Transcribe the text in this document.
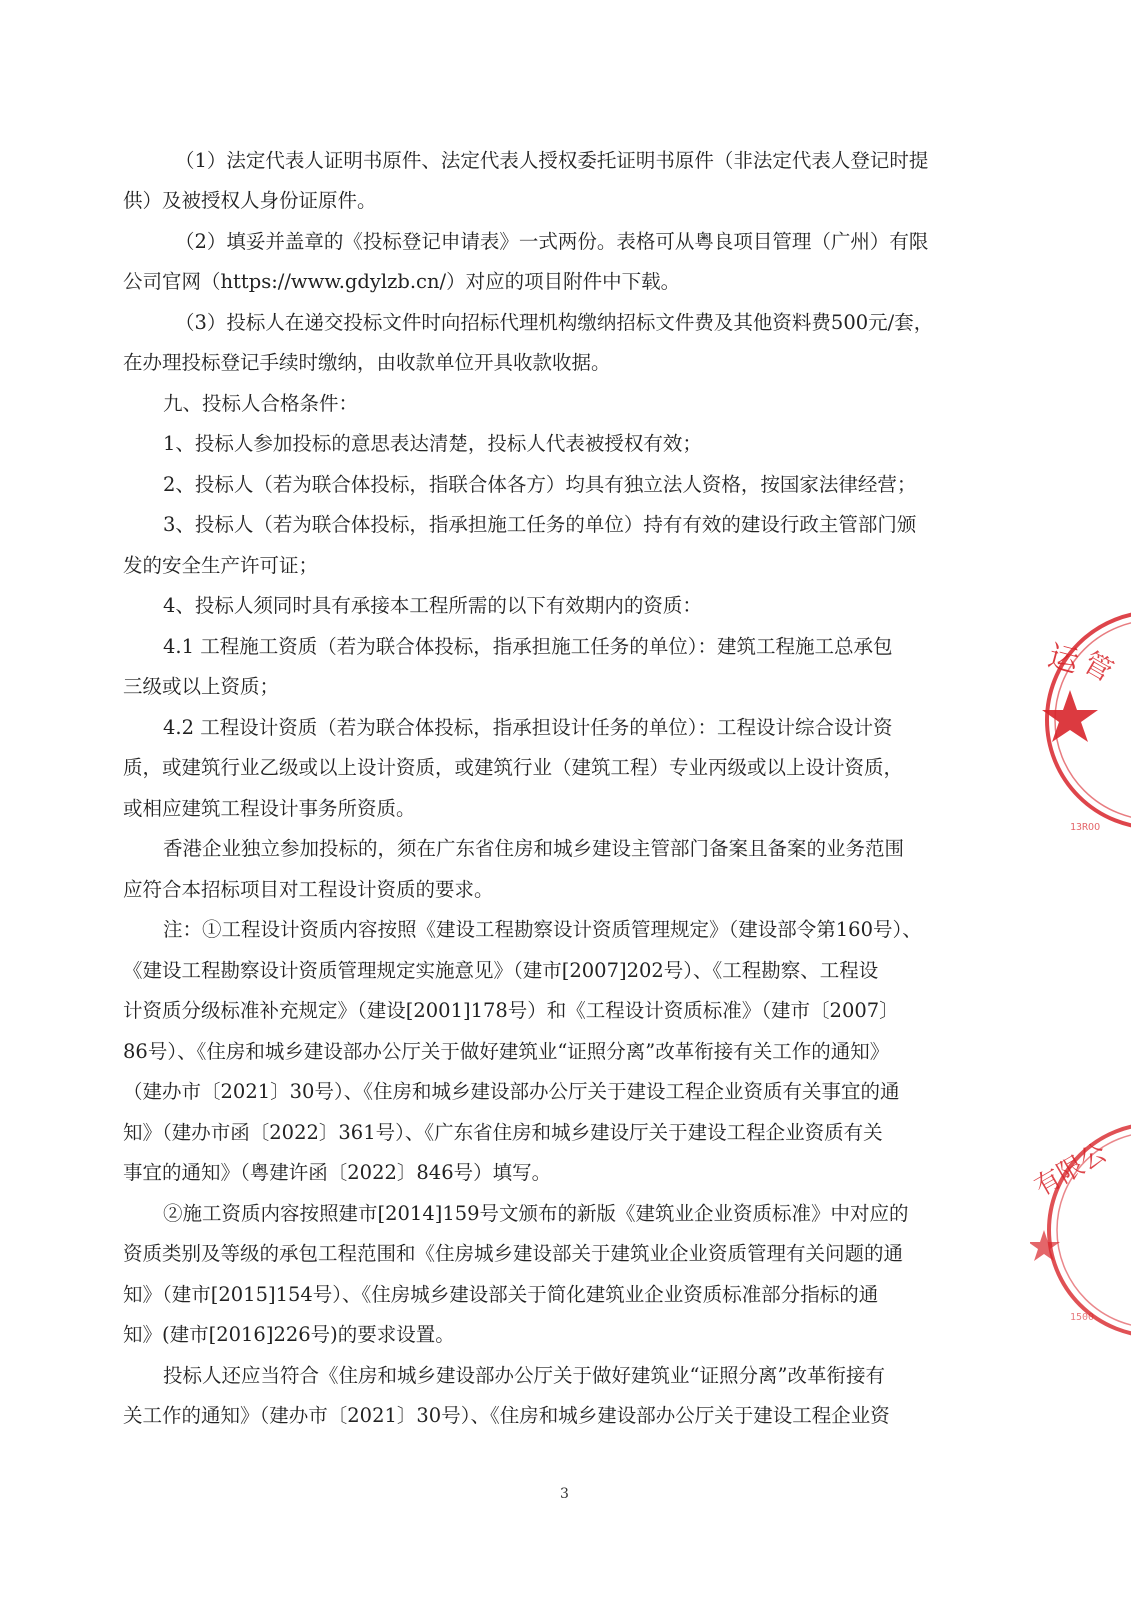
（1）法定代表人证明书原件、法定代表人授权委托证明书原件（非法定代表人登记时提
供）及被授权人身份证原件。
（2）填妥并盖章的《投标登记申请表》一式两份。表格可从粤良项目管理（广州）有限
公司官网（https://www.gdylzb.cn/）对应的项目附件中下载。
（3）投标人在递交投标文件时向招标代理机构缴纳招标文件费及其他资料费500元/套，
在办理投标登记手续时缴纳，由收款单位开具收款收据。
九、投标人合格条件：
1、投标人参加投标的意思表达清楚，投标人代表被授权有效；
2、投标人（若为联合体投标，指联合体各方）均具有独立法人资格，按国家法律经营；
3、投标人（若为联合体投标，指承担施工任务的单位）持有有效的建设行政主管部门颁
发的安全生产许可证；
4、投标人须同时具有承接本工程所需的以下有效期内的资质：
4.1 工程施工资质（若为联合体投标，指承担施工任务的单位）：建筑工程施工总承包
三级或以上资质；
4.2 工程设计资质（若为联合体投标，指承担设计任务的单位）：工程设计综合设计资
质，或建筑行业乙级或以上设计资质，或建筑行业（建筑工程）专业丙级或以上设计资质，
或相应建筑工程设计事务所资质。
香港企业独立参加投标的，须在广东省住房和城乡建设主管部门备案且备案的业务范围
应符合本招标项目对工程设计资质的要求。
注：①工程设计资质内容按照《建设工程勘察设计资质管理规定》（建设部令第160号）、
《建设工程勘察设计资质管理规定实施意见》（建市[2007]202号）、《工程勘察、工程设
计资质分级标准补充规定》（建设[2001]178号）和《工程设计资质标准》（建市〔2007〕
86号）、《住房和城乡建设部办公厅关于做好建筑业“证照分离”改革衔接有关工作的通知》
（建办市〔2021〕30号）、《住房和城乡建设部办公厅关于建设工程企业资质有关事宜的通
知》（建办市函〔2022〕361号）、《广东省住房和城乡建设厅关于建设工程企业资质有关
事宜的通知》（粤建许函〔2022〕846号）填写。
②施工资质内容按照建市[2014]159号文颁布的新版《建筑业企业资质标准》中对应的
资质类别及等级的承包工程范围和《住房城乡建设部关于建筑业企业资质管理有关问题的通
知》（建市[2015]154号）、《住房城乡建设部关于简化建筑业企业资质标准部分指标的通
知》(建市[2016]226号)的要求设置。
投标人还应当符合《住房和城乡建设部办公厅关于做好建筑业“证照分离”改革衔接有
关工作的通知》（建办市〔2021〕30号）、《住房和城乡建设部办公厅关于建设工程企业资
3
运
管
13ROO
有限公
1500
